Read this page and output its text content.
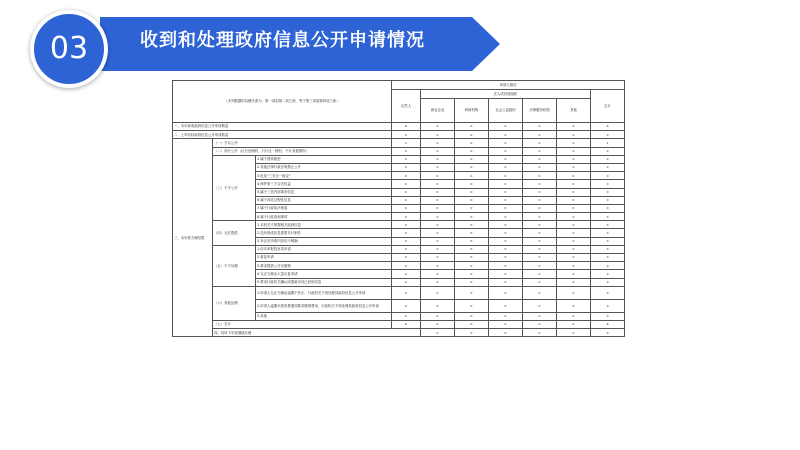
03	收到和处理政府信息公开申请情况
（本列数据的勾稽关系为：第一项加第二项之和，等于第三项加第四项之和）			申请人情况							
			自然人	法人或其他组织					总计	
				商业企业	科研机构	社会公益组织	法律服务机构	其他		
一、本年新收政府信息公开申请数量			6	0	0	0	0	0	6	
二、上年结转政府信息公开申请数量			0	0	0	0	0	0	0	
三、本年度办理结果	（一）予以公开		1	0	0	0	0	0	1	
	（二）部分公开（区分处理的，只计这一情形，不计其他情形）		0	0	0	0	0	0	0	
	（三）不予公开	1.属于国家秘密	0	0	0	0	0	0	0	
		2.其他法律行政法规禁止公开	0	0	0	0	0	0	0	
		3.危及"三安全一稳定"	0	0	0	0	0	0	0	
		4.保护第三方合法权益	0	0	0	0	0	0	0	
		5.属于三类内部事务信息	0	0	0	0	0	0	0	
		6.属于四类过程性信息	0	0	0	0	0	0	0	
		7.属于行政执法案卷	0	0	0	0	0	0	0	
		8.属于行政查询事项	0	0	0	0	0	0	0	
	（四）无法提供	1.本机关不掌握相关政府信息	0	0	0	0	0	0	0	
		2.没有现成信息需要另行制作	0	0	0	0	0	0	0	
		3.补正后申请内容仍不明确	0	0	0	0	0	0	0	
	（五）不予处理	1.信访举报投诉类申请	0	0	0	0	0	0	0	
		2.重复申请	0	0	0	0	0	0	0	
		3.要求提供公开出版物	0	0	0	0	0	0	0	
		4.无正当理由大量反复申请	0	0	0	0	0	0	0	
		5.要求行政机关确认或重新出具已获取信息	0	0	0	0	0	0	0	
	（六）其他处理	1.申请人无正当理由逾期不补正、行政机关不再处理其政府信息公开申请	0	0	0	0	0	0	0	
		2.申请人逾期未按收费通知要求缴纳费用、行政机关不再处理其政府信息公开申请	0	0	0	0	0	0	0	
		3.其他	0	0	0	0	0	0	0	
	（七）总计		6	0	0	0	0	0	6	
	四、结转下年度继续办理			0	0	0	0	0	0	
